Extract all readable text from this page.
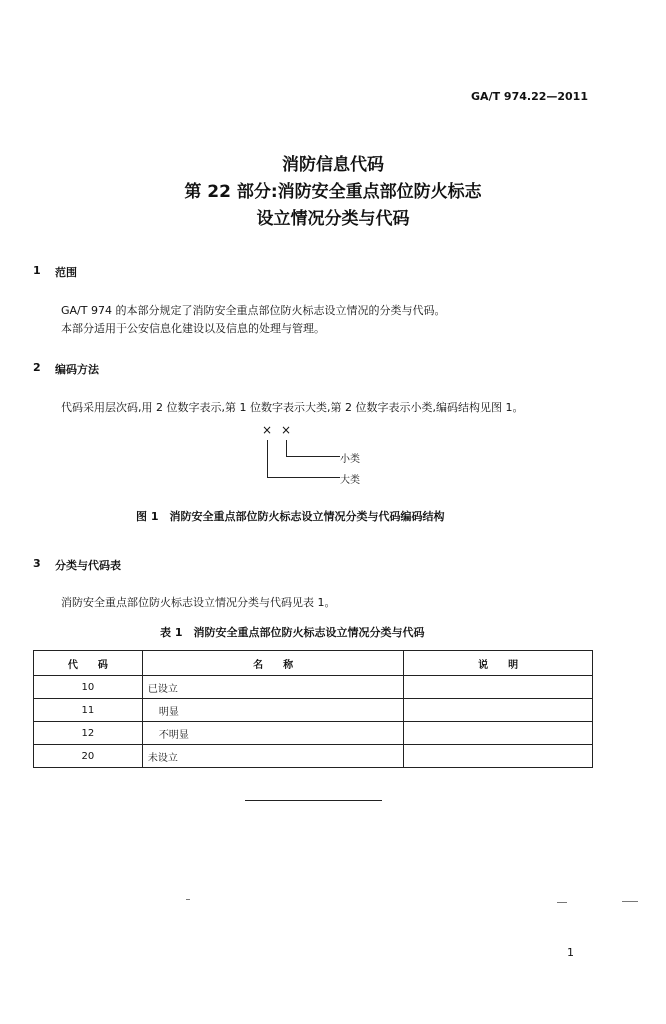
GA/T 974.22—2011
消防信息代码
第 22 部分:消防安全重点部位防火标志
设立情况分类与代码
1 范围
GA/T 974 的本部分规定了消防安全重点部位防火标志设立情况的分类与代码。
本部分适用于公安信息化建设以及信息的处理与管理。
2 编码方法
代码采用层次码,用 2 位数字表示,第 1 位数字表示大类,第 2 位数字表示小类,编码结构见图 1。
× ×
小类
大类
图 1　消防安全重点部位防火标志设立情况分类与代码编码结构
3 分类与代码表
消防安全重点部位防火标志设立情况分类与代码见表 1。
表 1　消防安全重点部位防火标志设立情况分类与代码
代　　码	名　　称	说　　明
10	已设立	
11	明显	
12	不明显	
20	未设立	
1
